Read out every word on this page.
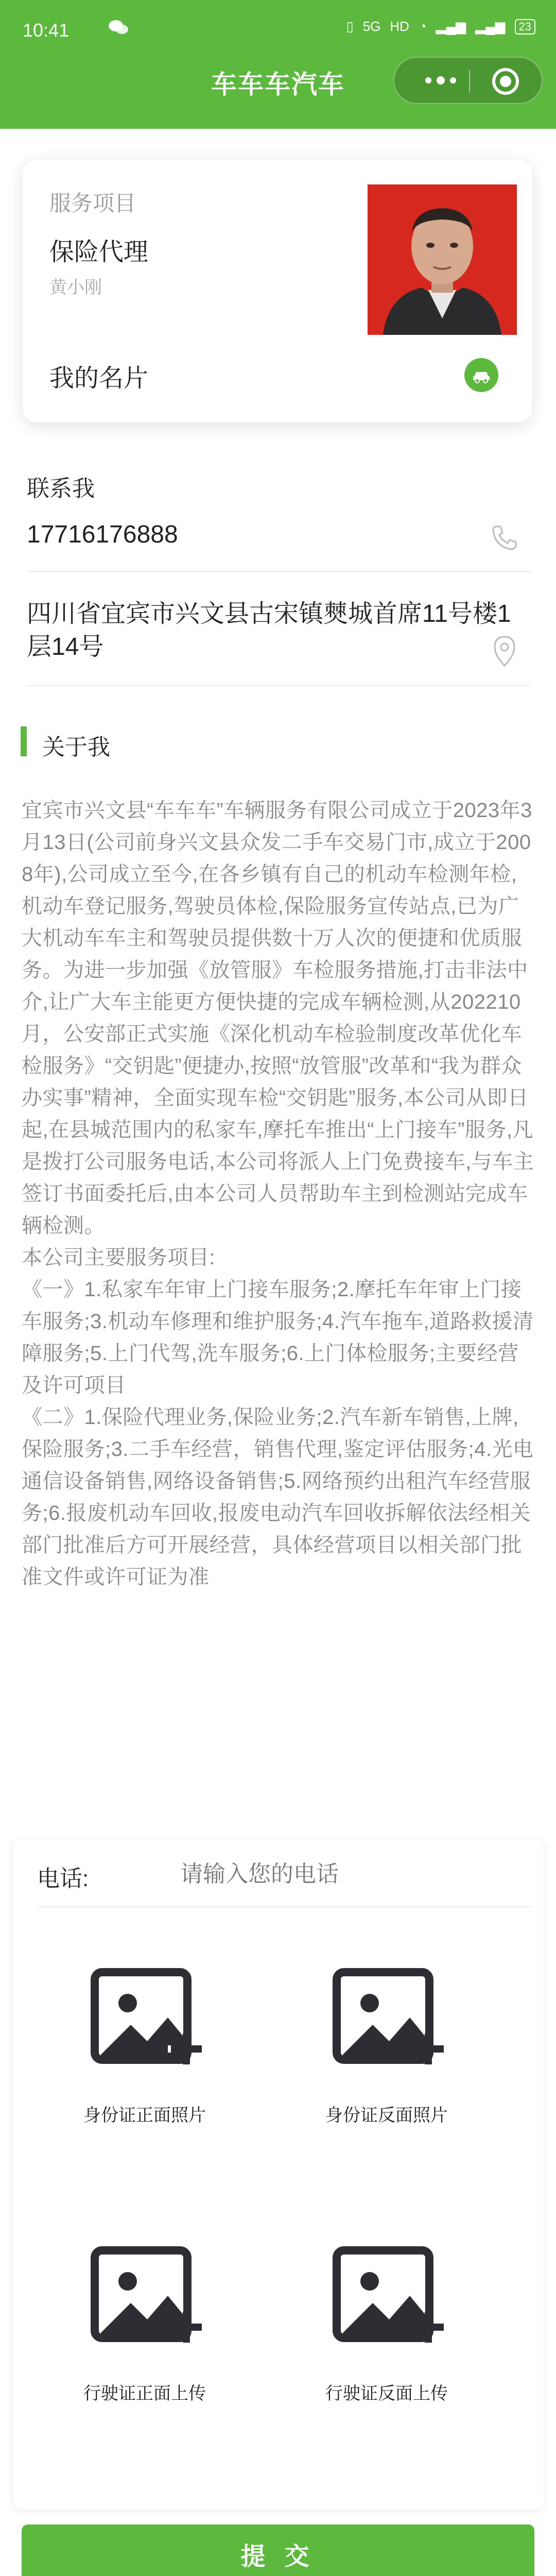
10:41	▯ 5G HD ◔ ▂▄▆ ▂▄▆	23
车车车汽车
服务项目
保险代理
黄小刚
我的名片
联系我
17716176888
四川省宜宾市兴文县古宋镇僰城首席11号楼1层14号
关于我
宜宾市兴文县“车车车”车辆服务有限公司成立于2023年3月13日(公司前身兴文县众发二手车交易门市,成立于2008年),公司成立至今,在各乡镇有自己的机动车检测年检,机动车登记服务,驾驶员体检,保险服务宣传站点,已为广大机动车车主和驾驶员提供数十万人次的便捷和优质服务。为进一步加强《放管服》车检服务措施,打击非法中介,让广大车主能更方便快捷的完成车辆检测,从202210月，公安部正式实施《深化机动车检验制度改革优化车检服务》“交钥匙”便捷办,按照“放管服”改革和“我为群众办实事”精神，全面实现车检“交钥匙”服务,本公司从即日起,在县城范围内的私家车,摩托车推出“上门接车”服务,凡是拨打公司服务电话,本公司将派人上门免费接车,与车主签订书面委托后,由本公司人员帮助车主到检测站完成车辆检测。
本公司主要服务项目:
《一》1.私家车年审上门接车服务;2.摩托车年审上门接车服务;3.机动车修理和维护服务;4.汽车拖车,道路救援清障服务;5.上门代驾,洗车服务;6.上门体检服务;主要经营及许可项目
《二》1.保险代理业务,保险业务;2.汽车新车销售,上牌,保险服务;3.二手车经营，销售代理,鉴定评估服务;4.光电通信设备销售,网络设备销售;5.网络预约出租汽车经营服务;6.报废机动车回收,报废电动汽车回收拆解依法经相关部门批准后方可开展经营，具体经营项目以相关部门批准文件或许可证为准
电话:
请输入您的电话
身份证正面照片	身份证反面照片
行驶证正面上传	行驶证反面上传
提 交
